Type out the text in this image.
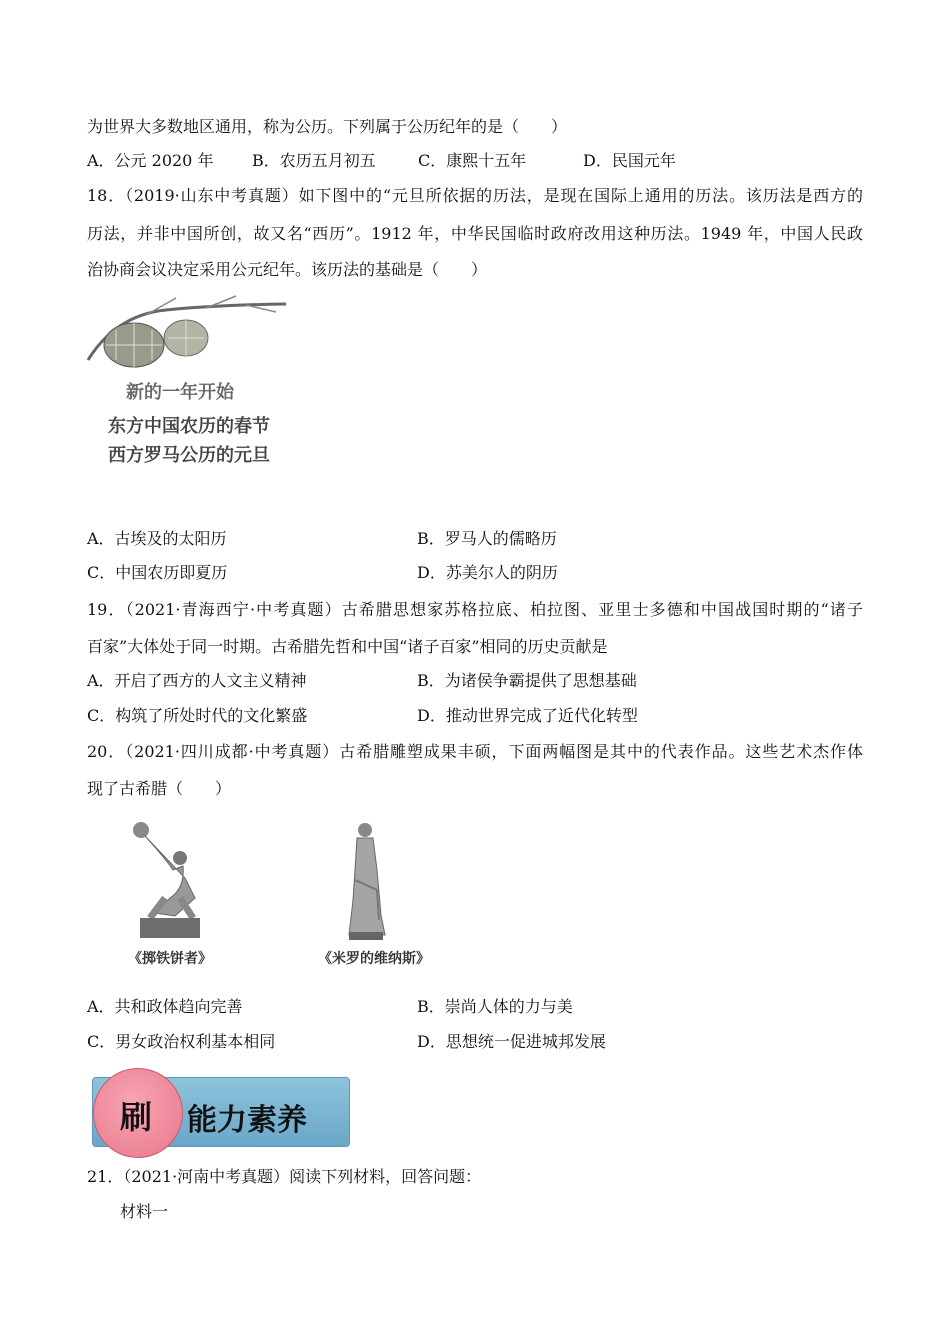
为世界大多数地区通用，称为公历。下列属于公历纪年的是（　　）
A．公元 2020 年 B．农历五月初五	C．康熙十五年	D．民国元年
18．（2019·山东中考真题）如下图中的“元旦所依据的历法，是现在国际上通用的历法。该历法是西方的
历法，并非中国所创，故又名“西历”。1912 年，中华民国临时政府改用这种历法。1949 年，中国人民政
治协商会议决定采用公元纪年。该历法的基础是（　　）
新的一年开始
东方中国农历的春节
西方罗马公历的元旦
A．古埃及的太阳历	B．罗马人的儒略历
C．中国农历即夏历	D．苏美尔人的阴历
19．（2021·青海西宁·中考真题）古希腊思想家苏格拉底、柏拉图、亚里士多德和中国战国时期的“诸子
百家”大体处于同一时期。古希腊先哲和中国“诸子百家”相同的历史贡献是
A．开启了西方的人文主义精神	B．为诸侯争霸提供了思想基础
C．构筑了所处时代的文化繁盛	D．推动世界完成了近代化转型
20．（2021·四川成都·中考真题）古希腊雕塑成果丰硕，下面两幅图是其中的代表作品。这些艺术杰作体
现了古希腊（　　）
《掷铁饼者》	《米罗的维纳斯》
A．共和政体趋向完善	B．崇尚人体的力与美
C．男女政治权利基本相同	D．思想统一促进城邦发展
刷 能力素养
21．（2021·河南中考真题）阅读下列材料，回答问题：
材料一
